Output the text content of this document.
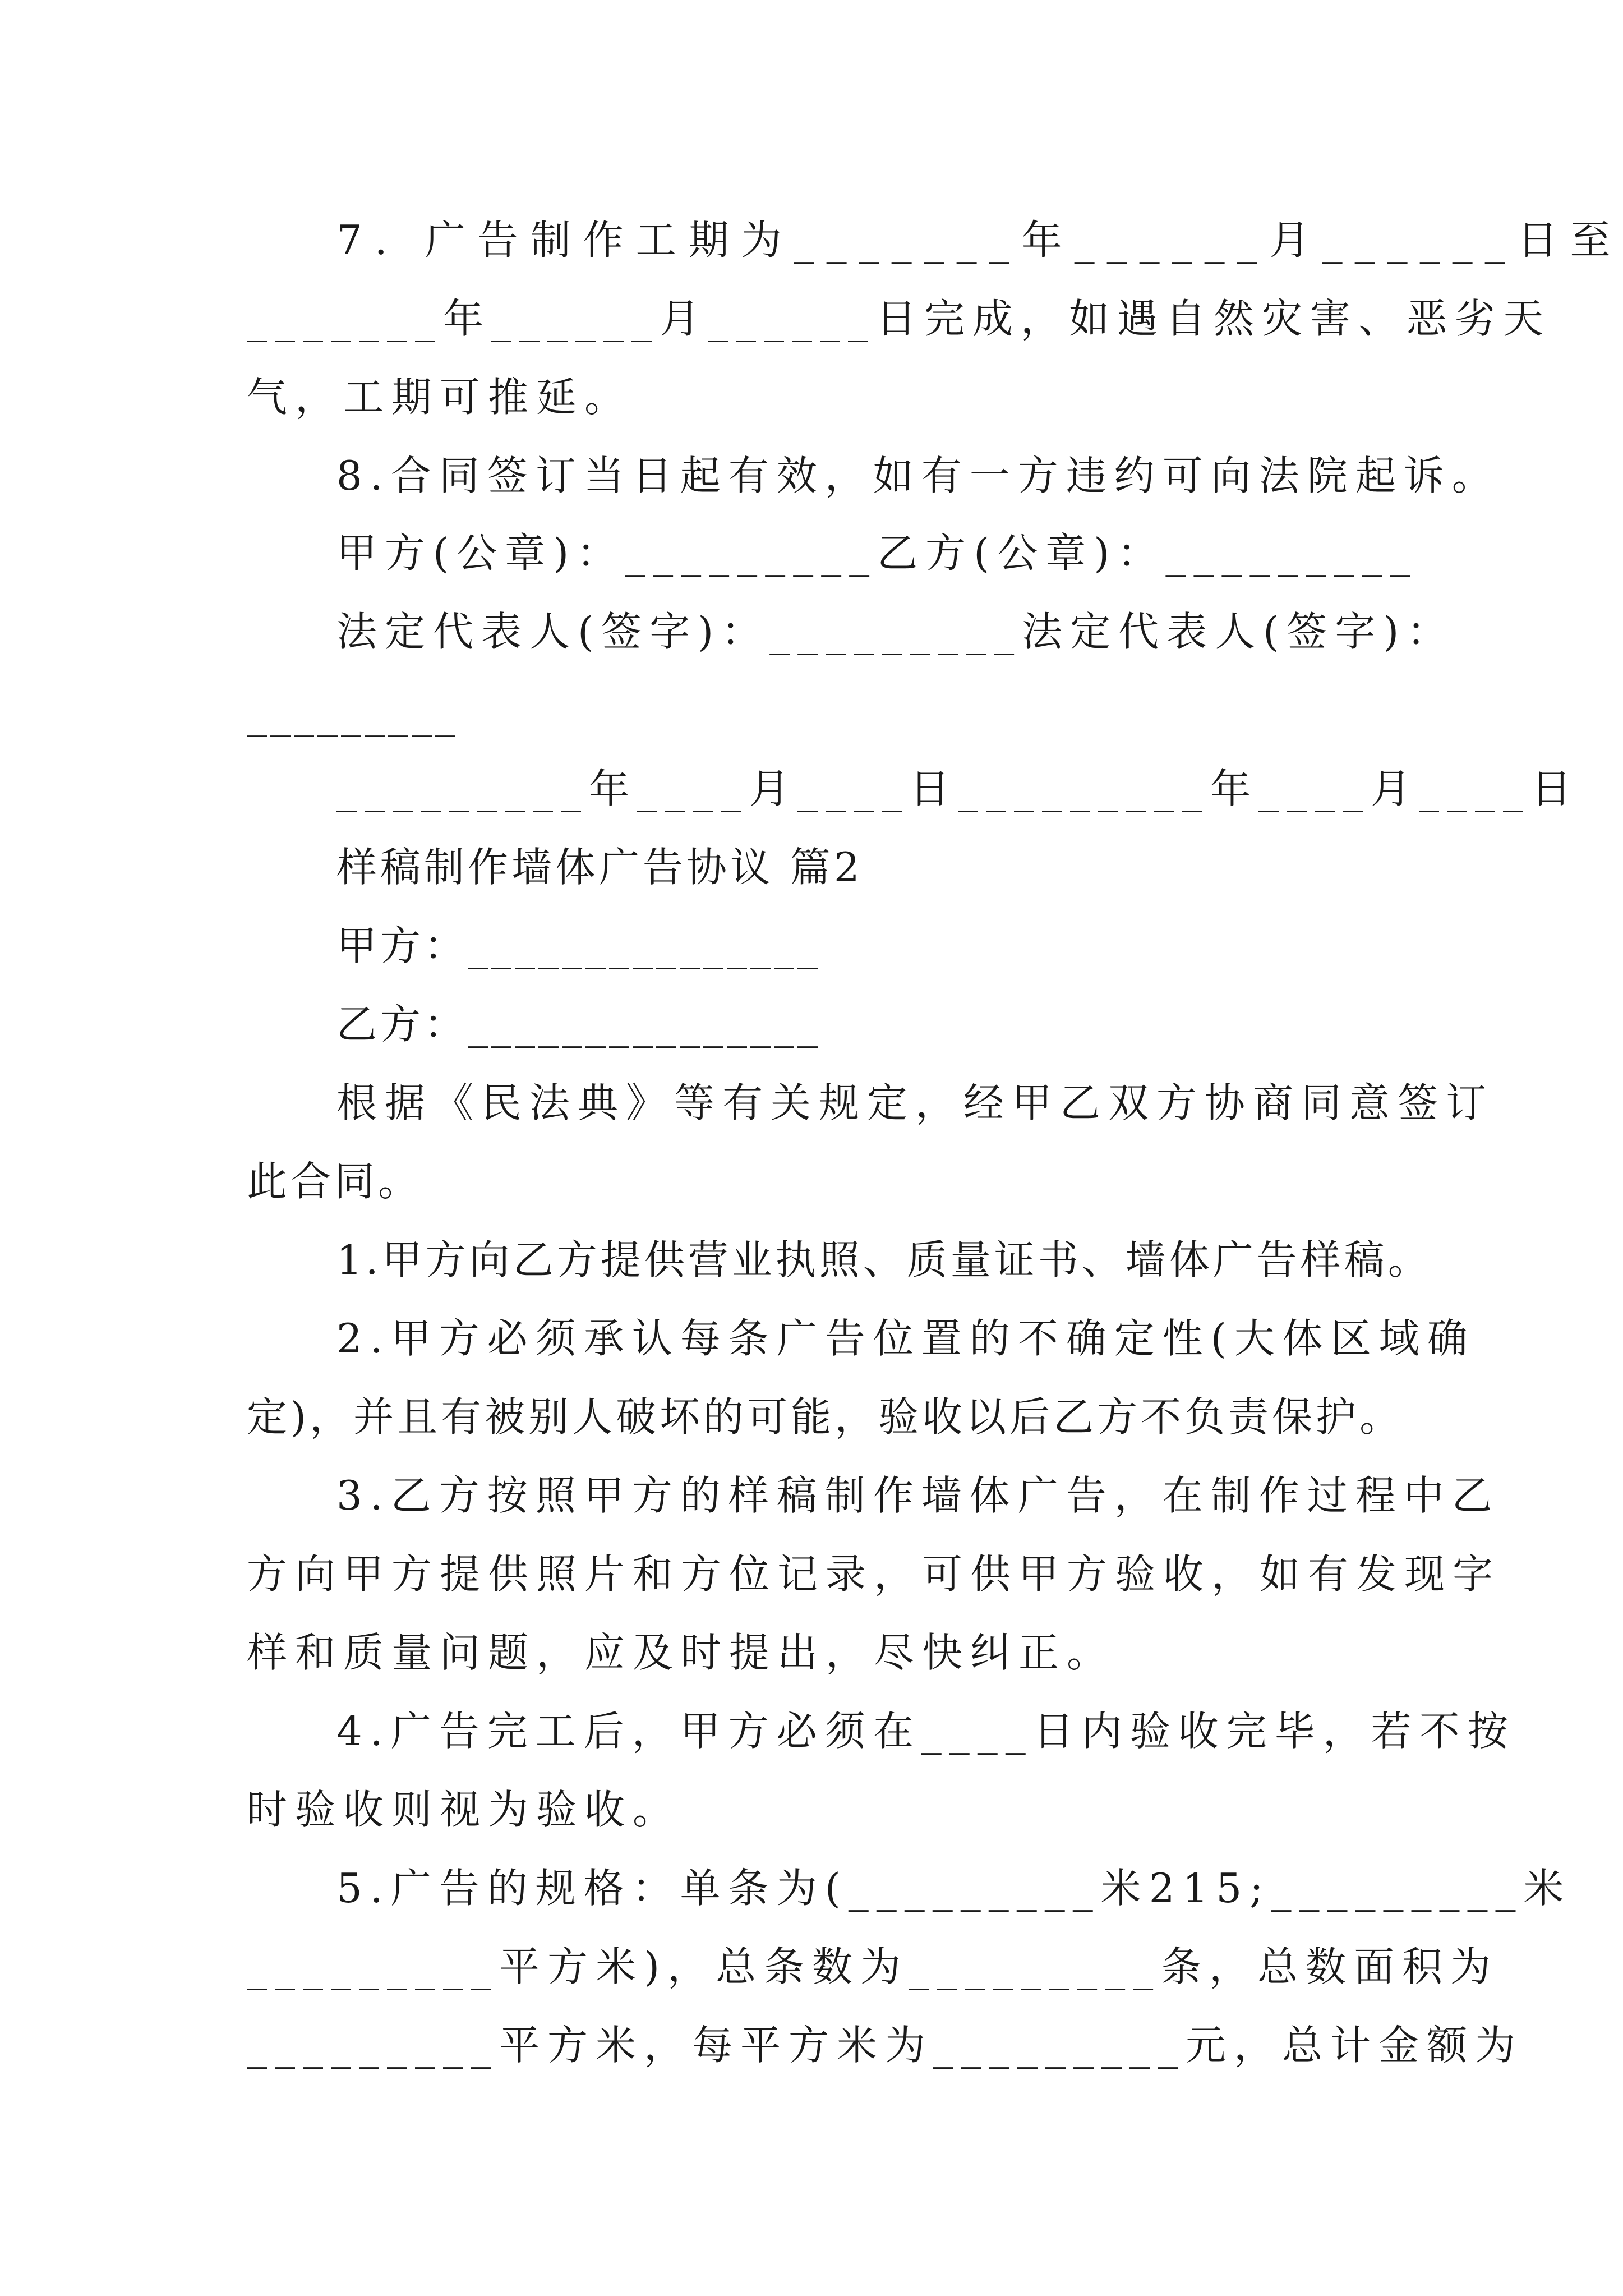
7. 广告制作工期为_______年______月______日至
_______年______月______日完成，如遇自然灾害、恶劣天
气，工期可推延。
8.合同签订当日起有效，如有一方违约可向法院起诉。
甲方(公章)：_________乙方(公章)：_________
法定代表人(签字)：_________法定代表人(签字)：
_________
_________年____月____日_________年____月____日
样稿制作墙体广告协议 篇2
甲方：_______________
乙方：_______________
根据《民法典》等有关规定，经甲乙双方协商同意签订
此合同。
1.甲方向乙方提供营业执照、质量证书、墙体广告样稿。
2.甲方必须承认每条广告位置的不确定性(大体区域确
定)，并且有被别人破坏的可能，验收以后乙方不负责保护。
3.乙方按照甲方的样稿制作墙体广告，在制作过程中乙
方向甲方提供照片和方位记录，可供甲方验收，如有发现字
样和质量问题，应及时提出，尽快纠正。
4.广告完工后，甲方必须在____日内验收完毕，若不按
时验收则视为验收。
5.广告的规格：单条为(_________米215;_________米
_________平方米)，总条数为_________条，总数面积为
_________平方米，每平方米为_________元，总计金额为
